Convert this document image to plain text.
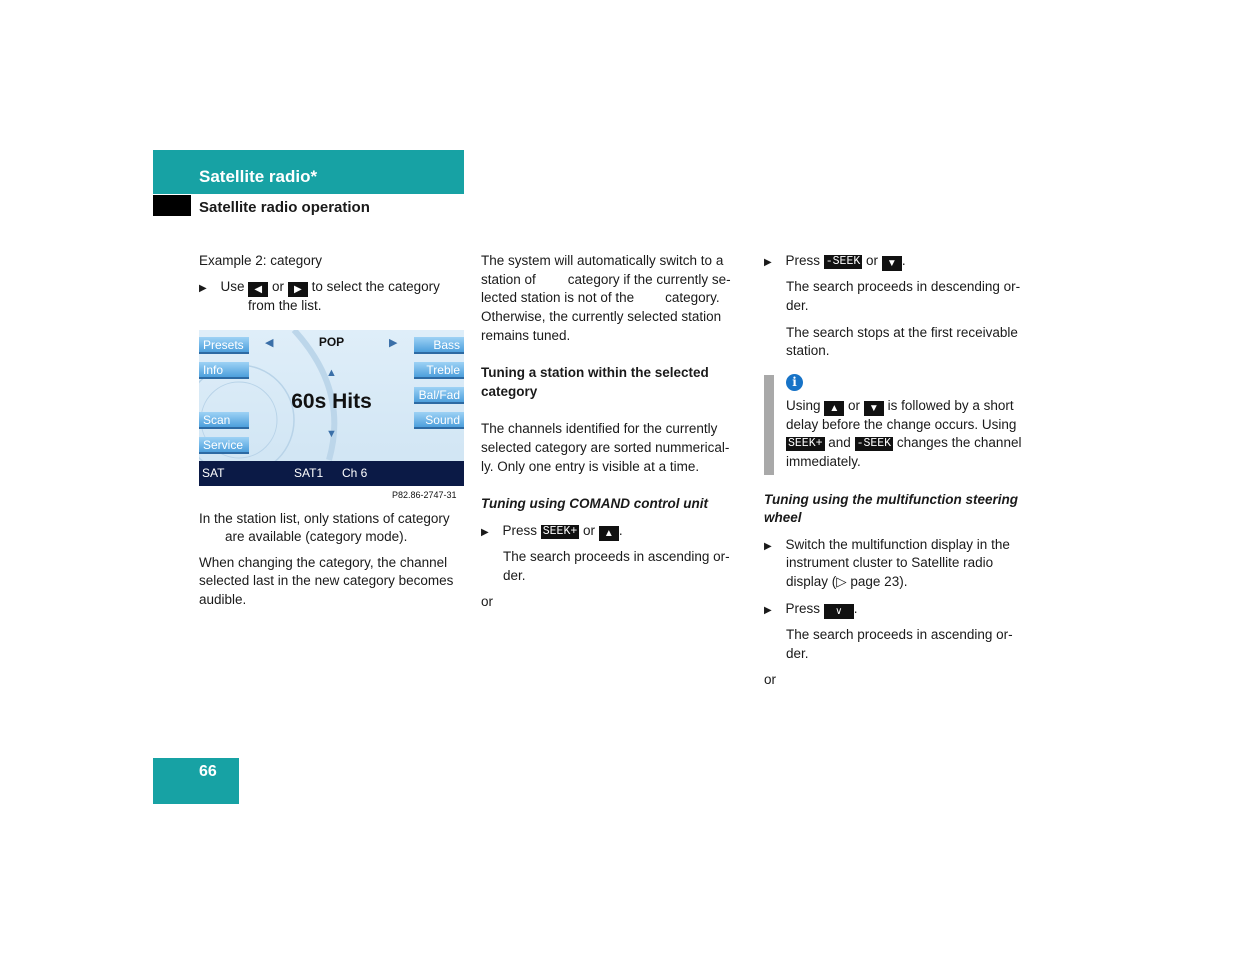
Satellite radio*
Satellite radio operation
Example 2: category
▶ Use ◀ or ▶ to select the category
from the list.
Presets
Info
Scan
Service
Bass
Treble
Bal/Fad
Sound
◀	POP	▶
▲
60s Hits
▼
SAT	SAT1 Ch 6
P82.86-2747-31
In the station list, only stations of category
are available (category mode).
When changing the category, the channel
selected last in the new category becomes
audible.
The system will automatically switch to a
station of category if the currently se-
lected station is not of the category.
Otherwise, the currently selected station
remains tuned.
Tuning a station within the selected
category
The channels identified for the currently
selected category are sorted nummerical-
ly. Only one entry is visible at a time.
Tuning using COMAND control unit
▶ Press SEEK+ or ▲ .
The search proceeds in ascending or-
der.
or
▶ Press -SEEK or ▼ .
The search proceeds in descending or-
der.
The search stops at the first receivable
station.
i
Using ▲ or ▼ is followed by a short
delay before the change occurs. Using
SEEK+ and -SEEK changes the channel
immediately.
Tuning using the multifunction steering
wheel
▶ Switch the multifunction display in the
instrument cluster to Satellite radio
display (▷ page 23).
▶ Press ∨ .
The search proceeds in ascending or-
der.
or
66
